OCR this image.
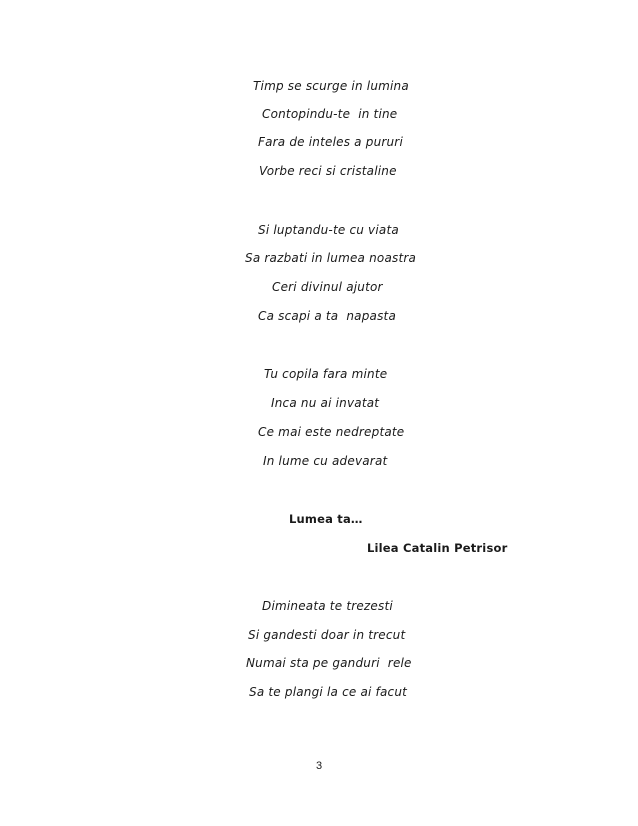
Timp se scurge in lumina
Contopindu-te  in tine
Fara de inteles a pururi
Vorbe reci si cristaline
Si luptandu-te cu viata
Sa razbati in lumea noastra
Ceri divinul ajutor
Ca scapi a ta  napasta
Tu copila fara minte
Inca nu ai invatat
Ce mai este nedreptate
In lume cu adevarat
Lumea ta…
Lilea Catalin Petrisor
Dimineata te trezesti
Si gandesti doar in trecut
Numai sta pe ganduri  rele
Sa te plangi la ce ai facut
3
